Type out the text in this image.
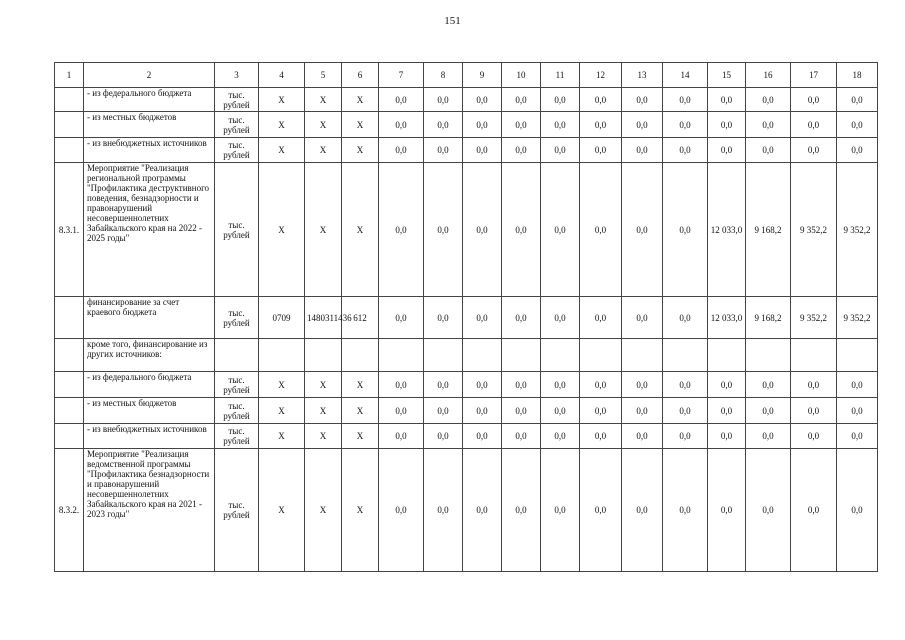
151
1	2	3	4	5	6	7	8	9	10	11	12	13	14	15	16	17	18
	- из федерального бюджета	тыс. рублей	X	X	X	0,0	0,0	0,0	0,0	0,0	0,0	0,0	0,0	0,0	0,0	0,0	0,0
	- из местных бюджетов	тыс. рублей	X	X	X	0,0	0,0	0,0	0,0	0,0	0,0	0,0	0,0	0,0	0,0	0,0	0,0
	- из внебюджетных источников	тыс. рублей	X	X	X	0,0	0,0	0,0	0,0	0,0	0,0	0,0	0,0	0,0	0,0	0,0	0,0
8.3.1.	Мероприятие "Реализация региональной программы "Профилактика деструктивного поведения, безнадзорности и правонарушений несовершеннолетних Забайкальского края на 2022 - 2025 годы"	тыс. рублей	X	X	X	0,0	0,0	0,0	0,0	0,0	0,0	0,0	0,0	12 033,0	9 168,2	9 352,2	9 352,2
	финансирование за счет краевого бюджета	тыс. рублей	0709	1480311436	612	0,0	0,0	0,0	0,0	0,0	0,0	0,0	0,0	12 033,0	9 168,2	9 352,2	9 352,2
	кроме того, финансирование из других источников:																
	- из федерального бюджета	тыс. рублей	X	X	X	0,0	0,0	0,0	0,0	0,0	0,0	0,0	0,0	0,0	0,0	0,0	0,0
	- из местных бюджетов	тыс. рублей	X	X	X	0,0	0,0	0,0	0,0	0,0	0,0	0,0	0,0	0,0	0,0	0,0	0,0
	- из внебюджетных источников	тыс. рублей	X	X	X	0,0	0,0	0,0	0,0	0,0	0,0	0,0	0,0	0,0	0,0	0,0	0,0
8.3.2.	Мероприятие "Реализация ведомственной программы "Профилактика безнадзорности и правонарушений несовершеннолетних Забайкальского края на 2021 - 2023 годы"	тыс. рублей	X	X	X	0,0	0,0	0,0	0,0	0,0	0,0	0,0	0,0	0,0	0,0	0,0	0,0
